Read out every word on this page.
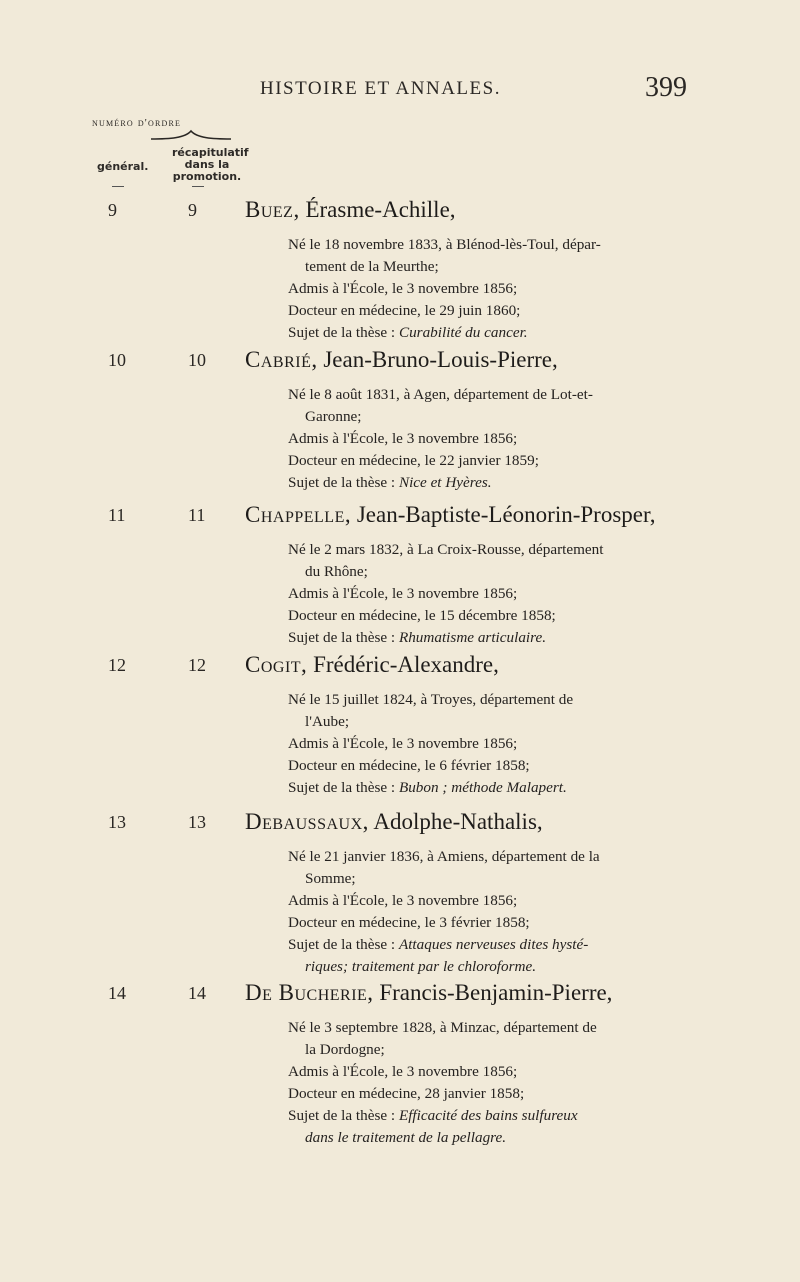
HISTOIRE ET ANNALES.	399
numéro d'ordre
général.
récapitulatif
dans la
promotion.
9	9 Buez, Érasme-Achille,
Né le 18 novembre 1833, à Blénod-lès-Toul, dépar-
tement de la Meurthe;
Admis à l'École, le 3 novembre 1856;
Docteur en médecine, le 29 juin 1860;
Sujet de la thèse : Curabilité du cancer.
10	10 Cabrié, Jean-Bruno-Louis-Pierre,
Né le 8 août 1831, à Agen, département de Lot-et-
Garonne;
Admis à l'École, le 3 novembre 1856;
Docteur en médecine, le 22 janvier 1859;
Sujet de la thèse : Nice et Hyères.
11	11 Chappelle, Jean-Baptiste-Léonorin-Prosper,
Né le 2 mars 1832, à La Croix-Rousse, département
du Rhône;
Admis à l'École, le 3 novembre 1856;
Docteur en médecine, le 15 décembre 1858;
Sujet de la thèse : Rhumatisme articulaire.
12	12 Cogit, Frédéric-Alexandre,
Né le 15 juillet 1824, à Troyes, département de
l'Aube;
Admis à l'École, le 3 novembre 1856;
Docteur en médecine, le 6 février 1858;
Sujet de la thèse : Bubon ; méthode Malapert.
13	13 Debaussaux, Adolphe-Nathalis,
Né le 21 janvier 1836, à Amiens, département de la
Somme;
Admis à l'École, le 3 novembre 1856;
Docteur en médecine, le 3 février 1858;
Sujet de la thèse : Attaques nerveuses dites hysté-
riques; traitement par le chloroforme.
14	14 De Bucherie, Francis-Benjamin-Pierre,
Né le 3 septembre 1828, à Minzac, département de
la Dordogne;
Admis à l'École, le 3 novembre 1856;
Docteur en médecine, 28 janvier 1858;
Sujet de la thèse : Efficacité des bains sulfureux
dans le traitement de la pellagre.
